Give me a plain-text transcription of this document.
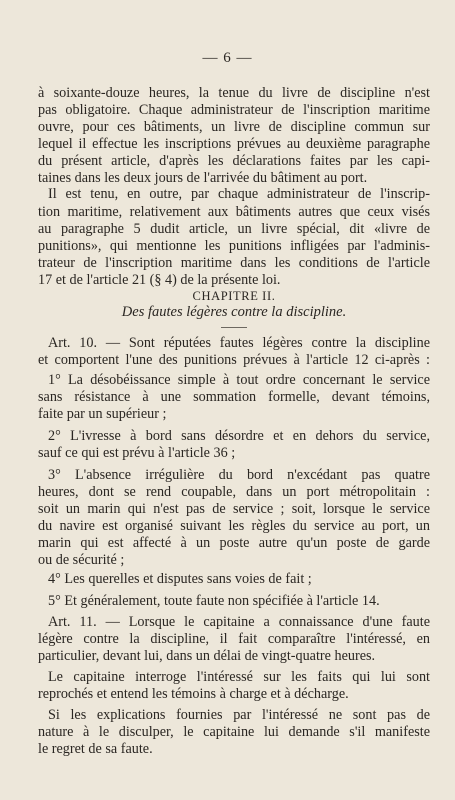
— 6 —
à soixante-douze heures, la tenue du livre de discipline n'est
pas obligatoire. Chaque administrateur de l'inscription maritime
ouvre, pour ces bâtiments, un livre de discipline commun sur
lequel il effectue les inscriptions prévues au deuxième paragraphe
du présent article, d'après les déclarations faites par les capi-
taines dans les deux jours de l'arrivée du bâtiment au port.
Il est tenu, en outre, par chaque administrateur de l'inscrip-
tion maritime, relativement aux bâtiments autres que ceux visés
au paragraphe 5 dudit article, un livre spécial, dit «livre de
punitions», qui mentionne les punitions infligées par l'adminis-
trateur de l'inscription maritime dans les conditions de l'article
17 et de l'article 21 (§ 4) de la présente loi.
CHAPITRE II.
Des fautes légères contre la discipline.
Art. 10. — Sont réputées fautes légères contre la discipline
et comportent l'une des punitions prévues à l'article 12 ci-après :
1° La désobéissance simple à tout ordre concernant le service
sans résistance à une sommation formelle, devant témoins,
faite par un supérieur ;
2° L'ivresse à bord sans désordre et en dehors du service,
sauf ce qui est prévu à l'article 36 ;
3° L'absence irrégulière du bord n'excédant pas quatre
heures, dont se rend coupable, dans un port métropolitain :
soit un marin qui n'est pas de service ; soit, lorsque le service
du navire est organisé suivant les règles du service au port, un
marin qui est affecté à un poste autre qu'un poste de garde
ou de sécurité ;
4° Les querelles et disputes sans voies de fait ;
5° Et généralement, toute faute non spécifiée à l'article 14.
Art. 11. — Lorsque le capitaine a connaissance d'une faute
légère contre la discipline, il fait comparaître l'intéressé, en
particulier, devant lui, dans un délai de vingt-quatre heures.
Le capitaine interroge l'intéressé sur les faits qui lui sont
reprochés et entend les témoins à charge et à décharge.
Si les explications fournies par l'intéressé ne sont pas de
nature à le disculper, le capitaine lui demande s'il manifeste
le regret de sa faute.
